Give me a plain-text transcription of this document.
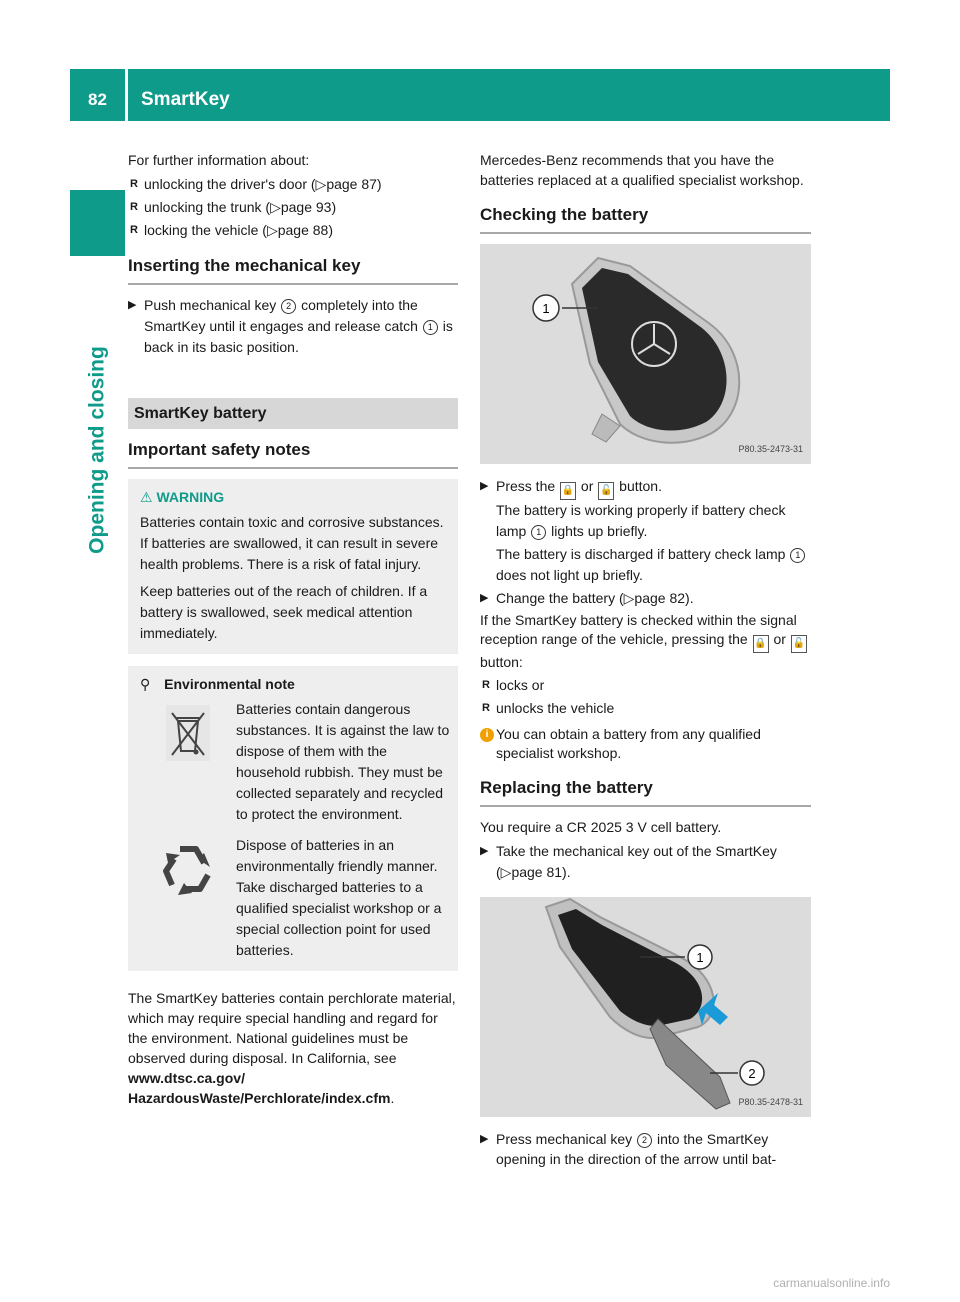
82	SmartKey
Opening and closing

For further information about:

R unlocking the driver's door (▷page 87)
R unlocking the trunk (▷page 93)
R locking the vehicle (▷page 88)
Inserting the mechanical key
▶ Push mechanical key 2 completely into the SmartKey until it engages and release catch 1 is back in its basic position.
SmartKey battery
Important safety notes
⚠ WARNING

Batteries contain toxic and corrosive substances. If batteries are swallowed, it can result in severe health problems. There is a risk of fatal injury.

Keep batteries out of the reach of children. If a battery is swallowed, seek medical attention immediately.

⚲ Environmental note
Batteries contain dangerous substances. It is against the law to dispose of them with the household rubbish. They must be collected separately and recycled to protect the environment.
Dispose of batteries in an environmentally friendly manner. Take discharged batteries to a qualified specialist workshop or a special collection point for used batteries.

The SmartKey batteries contain perchlorate material, which may require special handling and regard for the environment. National guidelines must be observed during disposal. In California, see www.dtsc.ca.gov/ HazardousWaste/Perchlorate/index.cfm.

Mercedes-Benz recommends that you have the batteries replaced at a qualified specialist workshop.

Checking the battery
1
P80.35-2473-31
▶ Press the 🔒 or 🔓 button.
The battery is working properly if battery check lamp 1 lights up briefly.
The battery is discharged if battery check lamp 1 does not light up briefly.
▶ Change the battery (▷page 82).

If the SmartKey battery is checked within the signal reception range of the vehicle, pressing the 🔒 or 🔓 button:

R locks or
R unlocks the vehicle
i You can obtain a battery from any qualified specialist workshop.
Replacing the battery

You require a CR 2025 3 V cell battery.

▶ Take the mechanical key out of the SmartKey (▷page 81).
1
2
P80.35-2478-31
▶ Press mechanical key 2 into the SmartKey opening in the direction of the arrow until bat-
carmanualsonline.info
